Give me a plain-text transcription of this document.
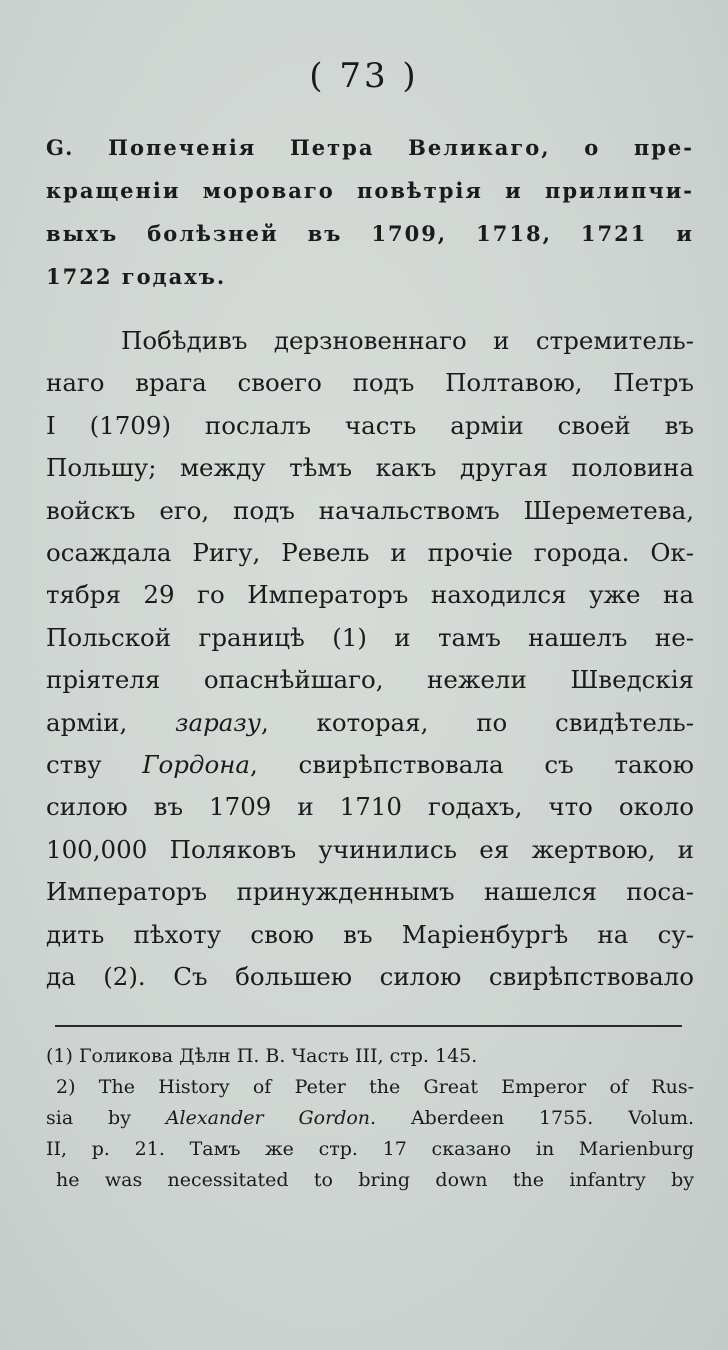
( 73 )
G. Попеченія Петра Великаго, о пре-
кращеніи моровагo повѣтрія и прилипчи-
выхъ болѣзней въ 1709, 1718, 1721 и
1722 годахъ.
Побѣдивъ дерзновеннаго и стремитель-
наго врага своего подъ Полтавою, Петръ
I (1709) послалъ часть арміи своей въ
Польшу; между тѣмъ какъ другая половина
войскъ его, подъ начальствомъ Шереметева,
осаждала Ригу, Ревель и прочіе города. Ок-
тября 29 го Императоръ находился уже на
Польской границѣ (1) и тамъ нашелъ не-
пріятеля опаснѣйшаго, нежели Шведскія
арміи, заразу, которая, по свидѣтель-
ству Гордона, свирѣпствовала съ такою
силою въ 1709 и 1710 годахъ, что около
100,000 Поляковъ учинились ея жертвою, и
Императоръ принужденнымъ нашелся поса-
дить пѣхоту свою въ Маріенбургѣ на су-
да (2). Съ большею силою свирѣпствовало
(1) Голикова Дѣлн П. В. Часть III, стр. 145.
2) The History of Peter the Great Emperor of Rus-
sia by Alexander Gordon. Aberdeen 1755. Volum.
II, p. 21. Тамъ же стр. 17 сказано in Marienburg
he was necessitated to bring down the infantry by
